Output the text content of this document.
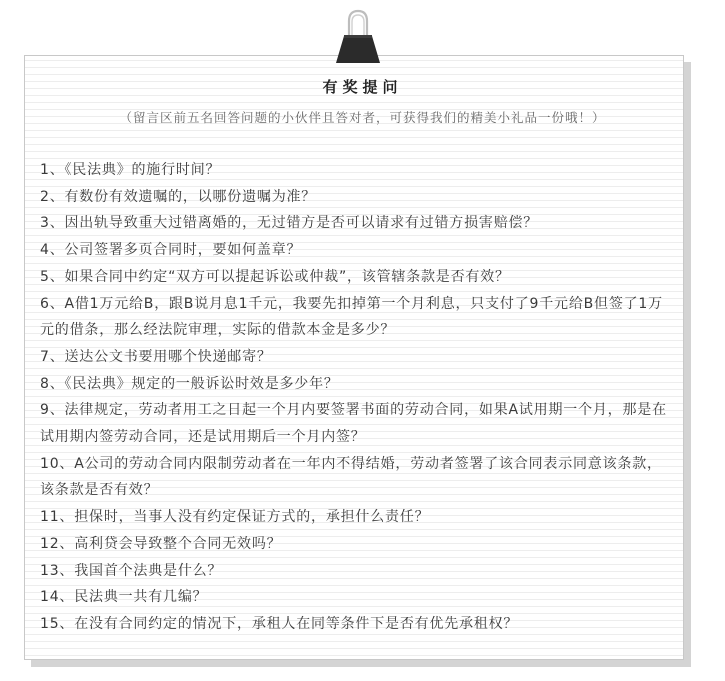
有奖提问

（留言区前五名回答问题的小伙伴且答对者，可获得我们的精美小礼品一份哦！）

1、《民法典》的施行时间？
2、有数份有效遗嘱的，以哪份遗嘱为准？
3、因出轨导致重大过错离婚的，无过错方是否可以请求有过错方损害赔偿？
4、公司签署多页合同时，要如何盖章？
5、如果合同中约定“双方可以提起诉讼或仲裁”，该管辖条款是否有效？
6、A借1万元给B，跟B说月息1千元，我要先扣掉第一个月利息，只支付了9千元给B但签了1万元的借条，那么经法院审理，实际的借款本金是多少？
7、送达公文书要用哪个快递邮寄？
8、《民法典》规定的一般诉讼时效是多少年？
9、法律规定，劳动者用工之日起一个月内要签署书面的劳动合同，如果A试用期一个月，那是在试用期内签劳动合同，还是试用期后一个月内签？
10、A公司的劳动合同内限制劳动者在一年内不得结婚，劳动者签署了该合同表示同意该条款，该条款是否有效？
11、担保时，当事人没有约定保证方式的，承担什么责任？
12、高利贷会导致整个合同无效吗？
13、我国首个法典是什么？
14、民法典一共有几编？
15、在没有合同约定的情况下，承租人在同等条件下是否有优先承租权？
